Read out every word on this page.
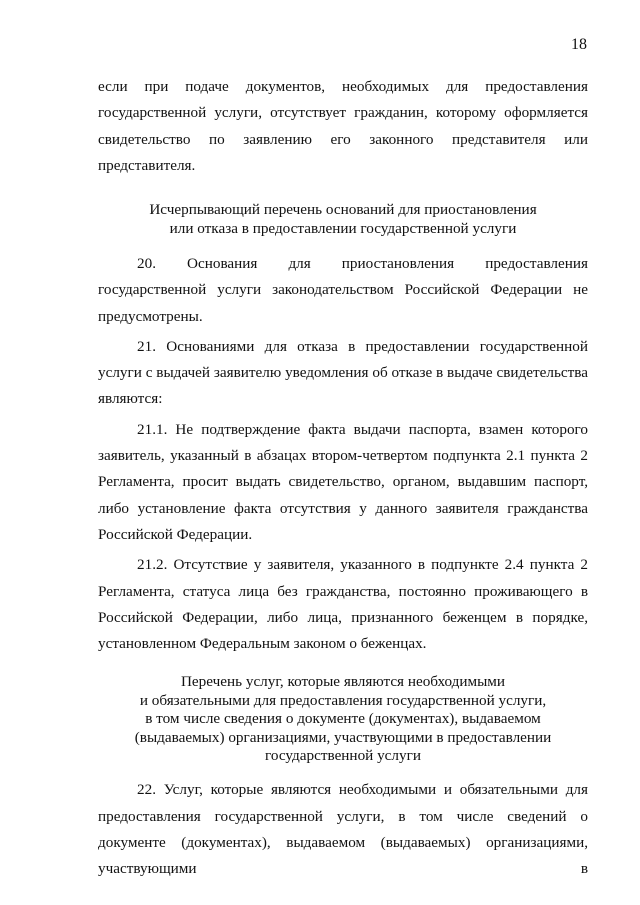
18

если при подаче документов, необходимых для предоставления государственной услуги, отсутствует гражданин, которому оформляется свидетельство по заявлению его законного представителя или представителя.

Исчерпывающий перечень оснований для приостановления
или отказа в предоставлении государственной услуги

20. Основания для приостановления предоставления государственной услуги законодательством Российской Федерации не предусмотрены.

21. Основаниями для отказа в предоставлении государственной услуги с выдачей заявителю уведомления об отказе в выдаче свидетельства являются:

21.1. Не подтверждение факта выдачи паспорта, взамен которого заявитель, указанный в абзацах втором-четвертом подпункта 2.1 пункта 2 Регламента, просит выдать свидетельство, органом, выдавшим паспорт, либо установление факта отсутствия у данного заявителя гражданства Российской Федерации.

21.2. Отсутствие у заявителя, указанного в подпункте 2.4 пункта 2 Регламента, статуса лица без гражданства, постоянно проживающего в Российской Федерации, либо лица, признанного беженцем в порядке, установленном Федеральным законом о беженцах.

Перечень услуг, которые являются необходимыми
и обязательными для предоставления государственной услуги,
в том числе сведения о документе (документах), выдаваемом
(выдаваемых) организациями, участвующими в предоставлении
государственной услуги

22. Услуг, которые являются необходимыми и обязательными для предоставления государственной услуги, в том числе сведений о документе (документах), выдаваемом (выдаваемых) организациями, участвующими в
